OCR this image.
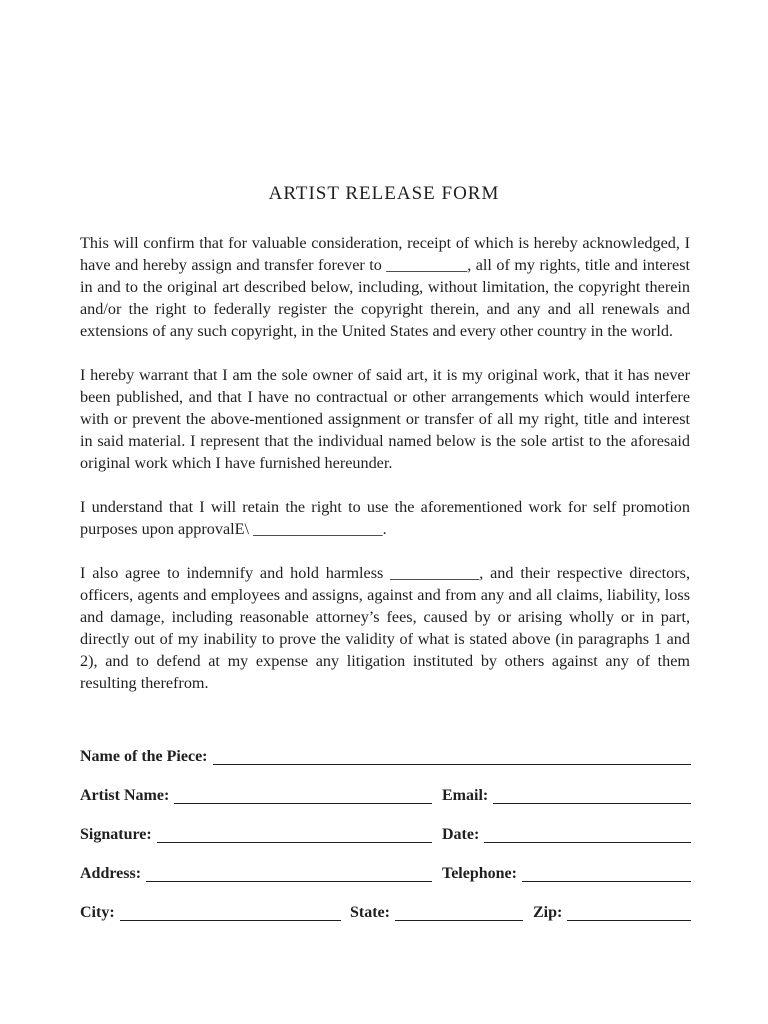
ARTIST RELEASE FORM

This will confirm that for valuable consideration, receipt of which is hereby acknowledged, I have and hereby assign and transfer forever to __________, all of my rights, title and interest in and to the original art described below, including, without limitation, the copyright therein and/or the right to federally register the copyright therein, and any and all renewals and extensions of any such copyright, in the United States and every other country in the world.

I hereby warrant that I am the sole owner of said art, it is my original work, that it has never been published, and that I have no contractual or other arrangements which would interfere with or prevent the above-mentioned assignment or transfer of all my right, title and interest in said material. I represent that the individual named below is the sole artist to the aforesaid original work which I have furnished hereunder.

I understand that I will retain the right to use the aforementioned work for self promotion purposes upon approvalE\ ________________.

I also agree to indemnify and hold harmless ___________, and their respective directors, officers, agents and employees and assigns, against and from any and all claims, liability, loss and damage, including reasonable attorney’s fees, caused by or arising wholly or in part, directly out of my inability to prove the validity of what is stated above (in paragraphs 1 and 2), and to defend at my expense any litigation instituted by others against any of them resulting therefrom.

Name of the Piece:
Artist Name:	Email:
Signature:	Date:
Address:	Telephone:
City:	State:	Zip:
